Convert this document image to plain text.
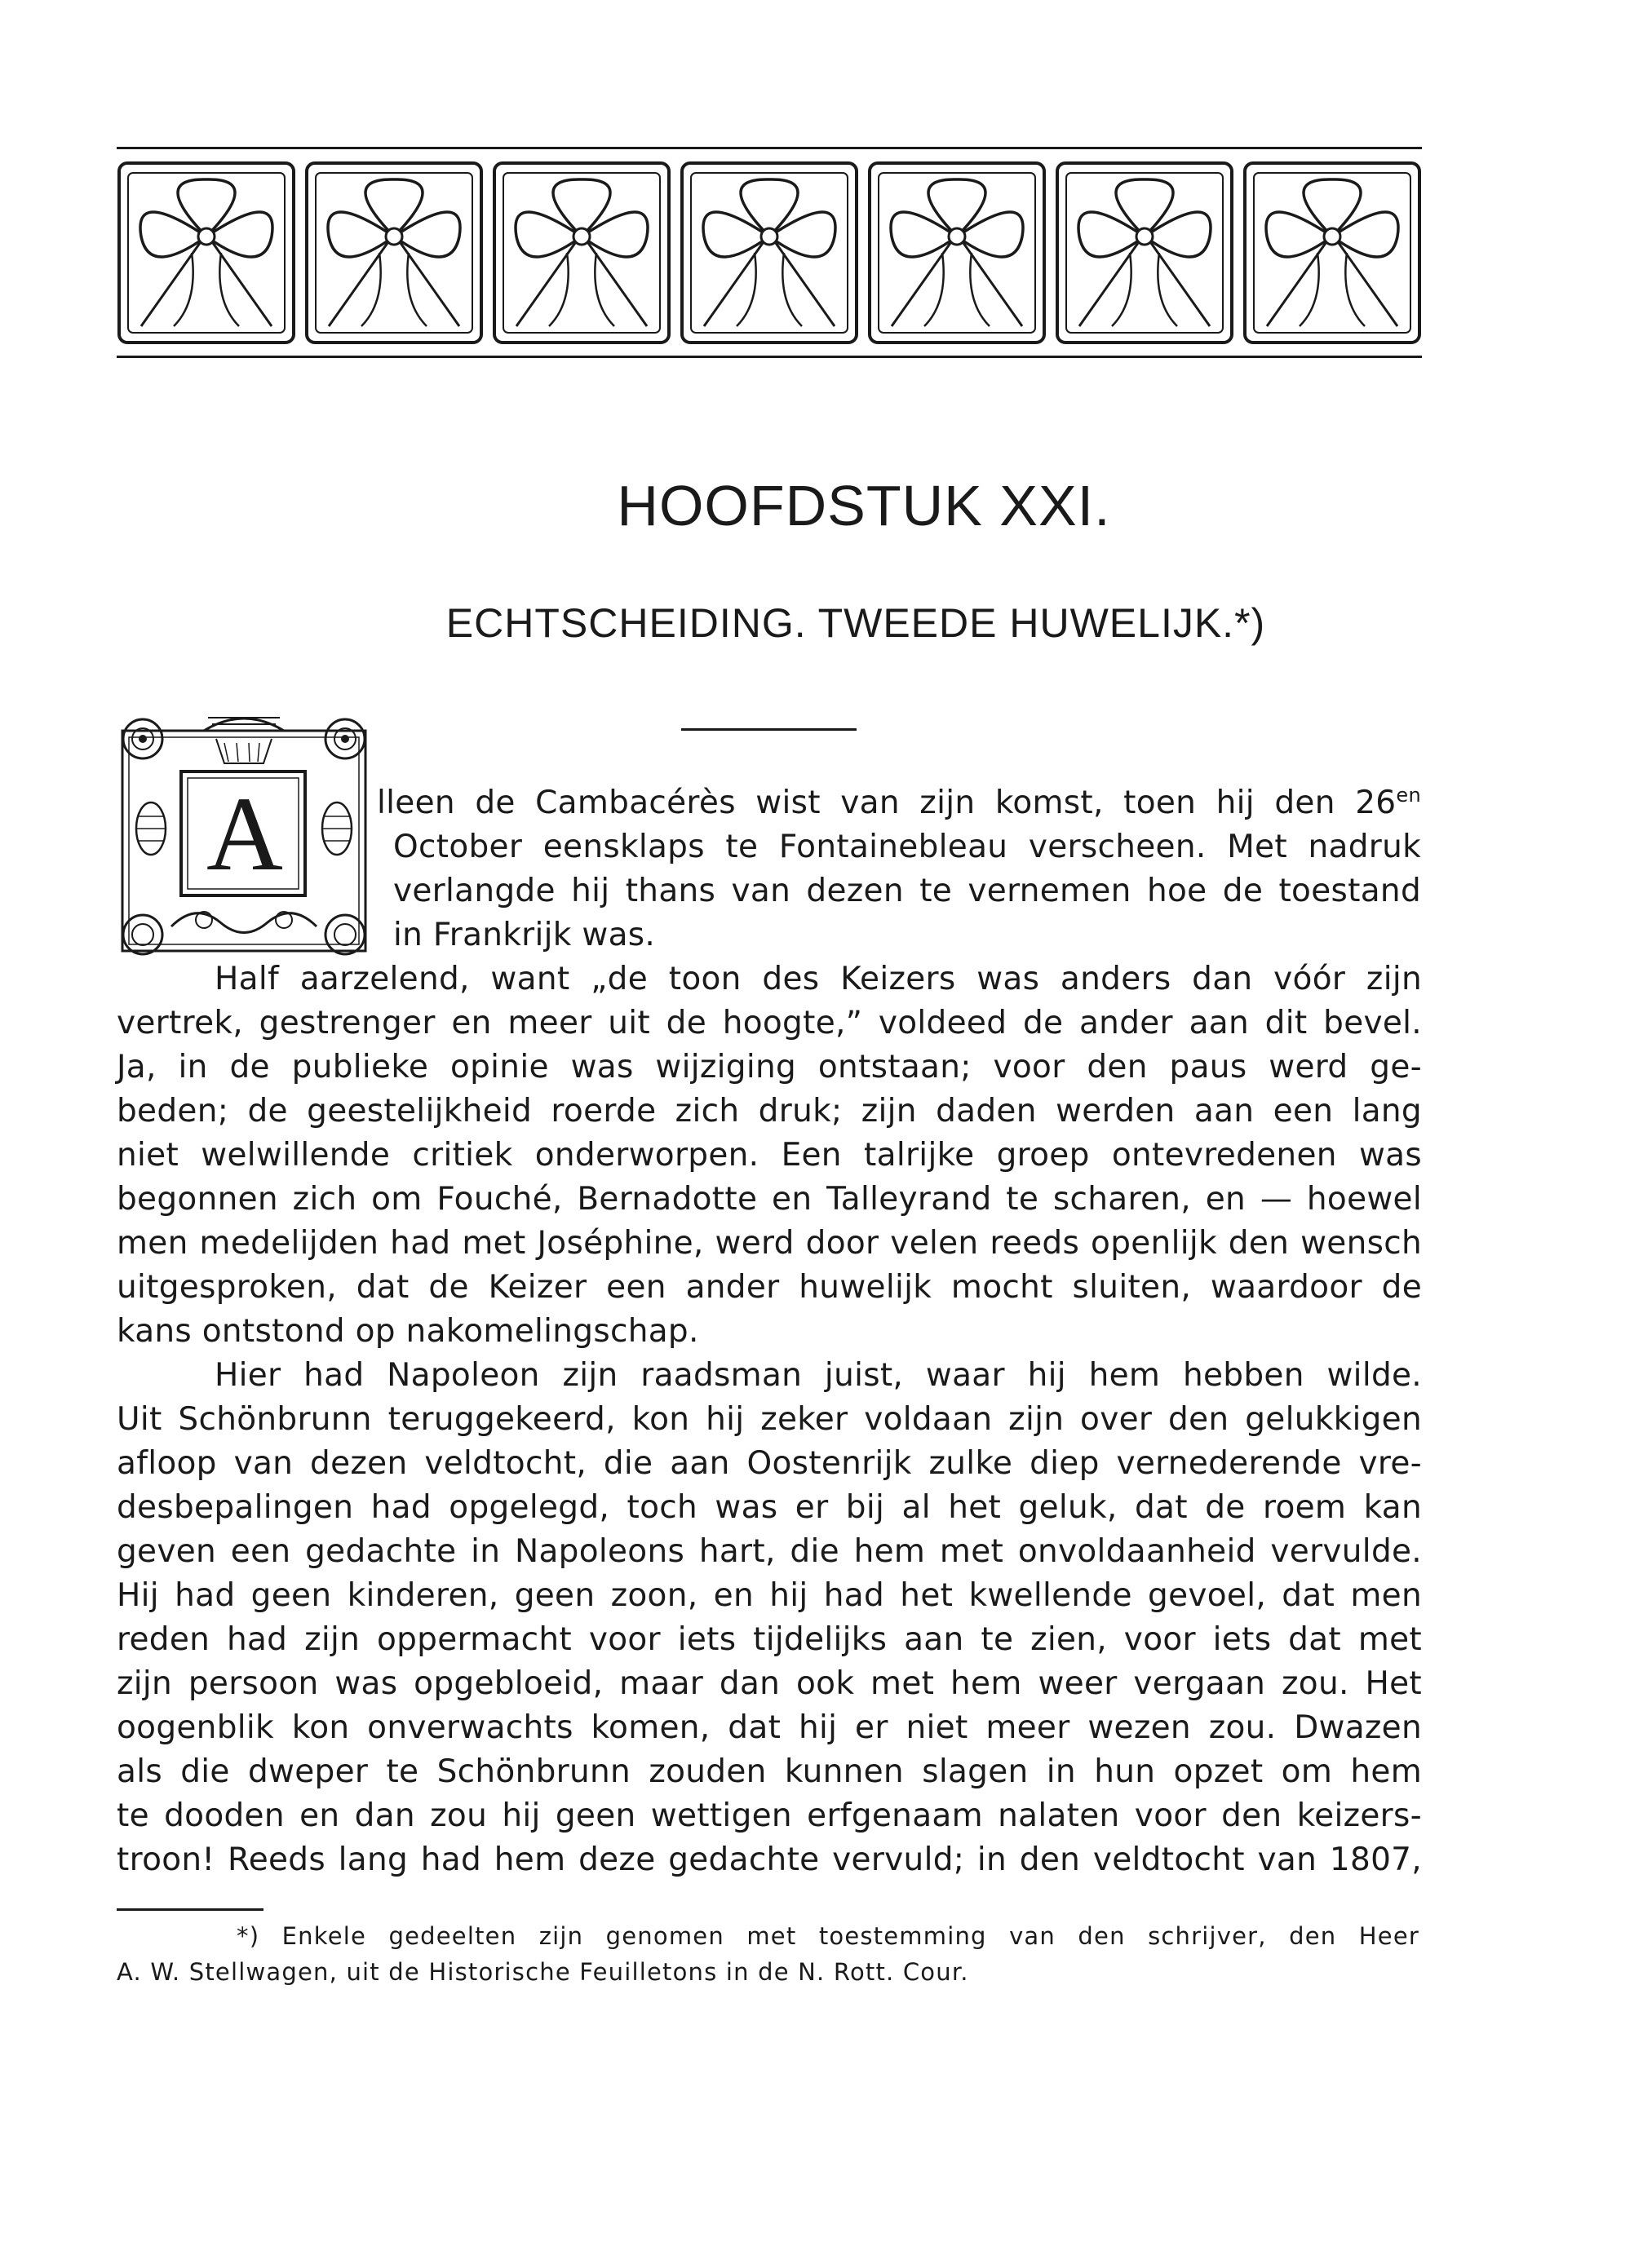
HOOFDSTUK XXI.
ECHTSCHEIDING. TWEEDE HUWELIJK.*)
A	lleen de Cambacérès wist van zijn komst, toen hij den $26^{en}$
October eensklaps te Fontainebleau verscheen. Met nadruk
verlangde hij thans van dezen te vernemen hoe de toestand
in Frankrijk was.
Half aarzelend, want „de toon des Keizers was anders dan vóór zijn
vertrek, gestrenger en meer uit de hoogte,” voldeed de ander aan dit bevel.
Ja, in de publieke opinie was wijziging ontstaan; voor den paus werd ge-
beden; de geestelijkheid roerde zich druk; zijn daden werden aan een lang
niet welwillende critiek onderworpen. Een talrijke groep ontevredenen was
begonnen zich om Fouché, Bernadotte en Talleyrand te scharen, en — hoewel
men medelijden had met Joséphine, werd door velen reeds openlijk den wensch
uitgesproken, dat de Keizer een ander huwelijk mocht sluiten, waardoor de
kans ontstond op nakomelingschap.
Hier had Napoleon zijn raadsman juist, waar hij hem hebben wilde.
Uit Schönbrunn teruggekeerd, kon hij zeker voldaan zijn over den gelukkigen
afloop van dezen veldtocht, die aan Oostenrijk zulke diep vernederende vre-
desbepalingen had opgelegd, toch was er bij al het geluk, dat de roem kan
geven een gedachte in Napoleons hart, die hem met onvoldaanheid vervulde.
Hij had geen kinderen, geen zoon, en hij had het kwellende gevoel, dat men
reden had zijn oppermacht voor iets tijdelijks aan te zien, voor iets dat met
zijn persoon was opgebloeid, maar dan ook met hem weer vergaan zou. Het
oogenblik kon onverwachts komen, dat hij er niet meer wezen zou. Dwazen
als die dweper te Schönbrunn zouden kunnen slagen in hun opzet om hem
te dooden en dan zou hij geen wettigen erfgenaam nalaten voor den keizers-
troon! Reeds lang had hem deze gedachte vervuld; in den veldtocht van 1807,
*) Enkele gedeelten zijn genomen met toestemming van den schrijver, den Heer
A. W. Stellwagen, uit de Historische Feuilletons in de N. Rott. Cour.
